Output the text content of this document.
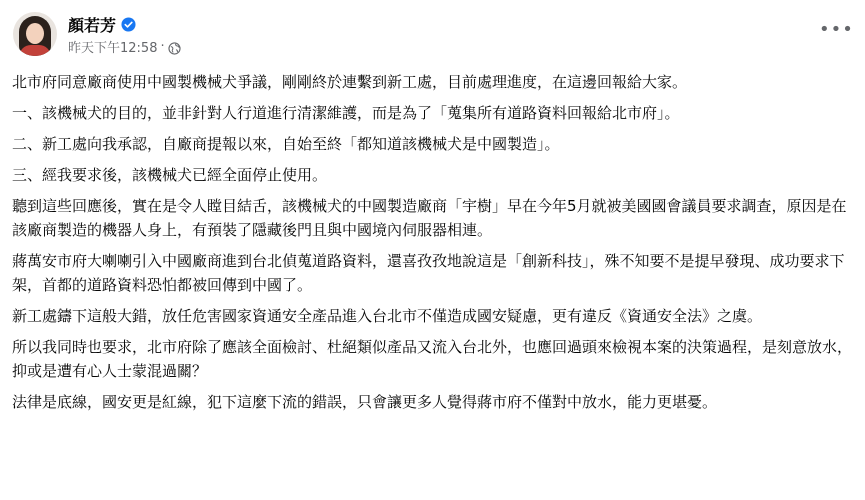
顏若芳
昨天下午12:58 ·
•••

北市府同意廠商使用中國製機械犬爭議，剛剛終於連繫到新工處，目前處理進度，在這邊回報給大家。

一、該機械犬的目的，並非針對人行道進行清潔維護，而是為了「蒐集所有道路資料回報給北市府」。

二、新工處向我承認，自廠商提報以來，自始至終「都知道該機械犬是中國製造」。

三、經我要求後，該機械犬已經全面停止使用。

聽到這些回應後，實在是令人瞠目結舌，該機械犬的中國製造廠商「宇樹」早在今年5月就被美國國會議員要求調查，原因是在該廠商製造的機器人身上，有預裝了隱藏後門且與中國境內伺服器相連。

蔣萬安市府大喇喇引入中國廠商進到台北偵蒐道路資料，還喜孜孜地說這是「創新科技」，殊不知要不是提早發現、成功要求下架，首都的道路資料恐怕都被回傳到中國了。

新工處鑄下這般大錯，放任危害國家資通安全產品進入台北市不僅造成國安疑慮，更有違反《資通安全法》之虞。

所以我同時也要求，北市府除了應該全面檢討、杜絕類似產品又流入台北外，也應回過頭來檢視本案的決策過程，是刻意放水，抑或是遭有心人士蒙混過關？

法律是底線，國安更是紅線，犯下這麼下流的錯誤，只會讓更多人覺得蔣市府不僅對中放水，能力更堪憂。
